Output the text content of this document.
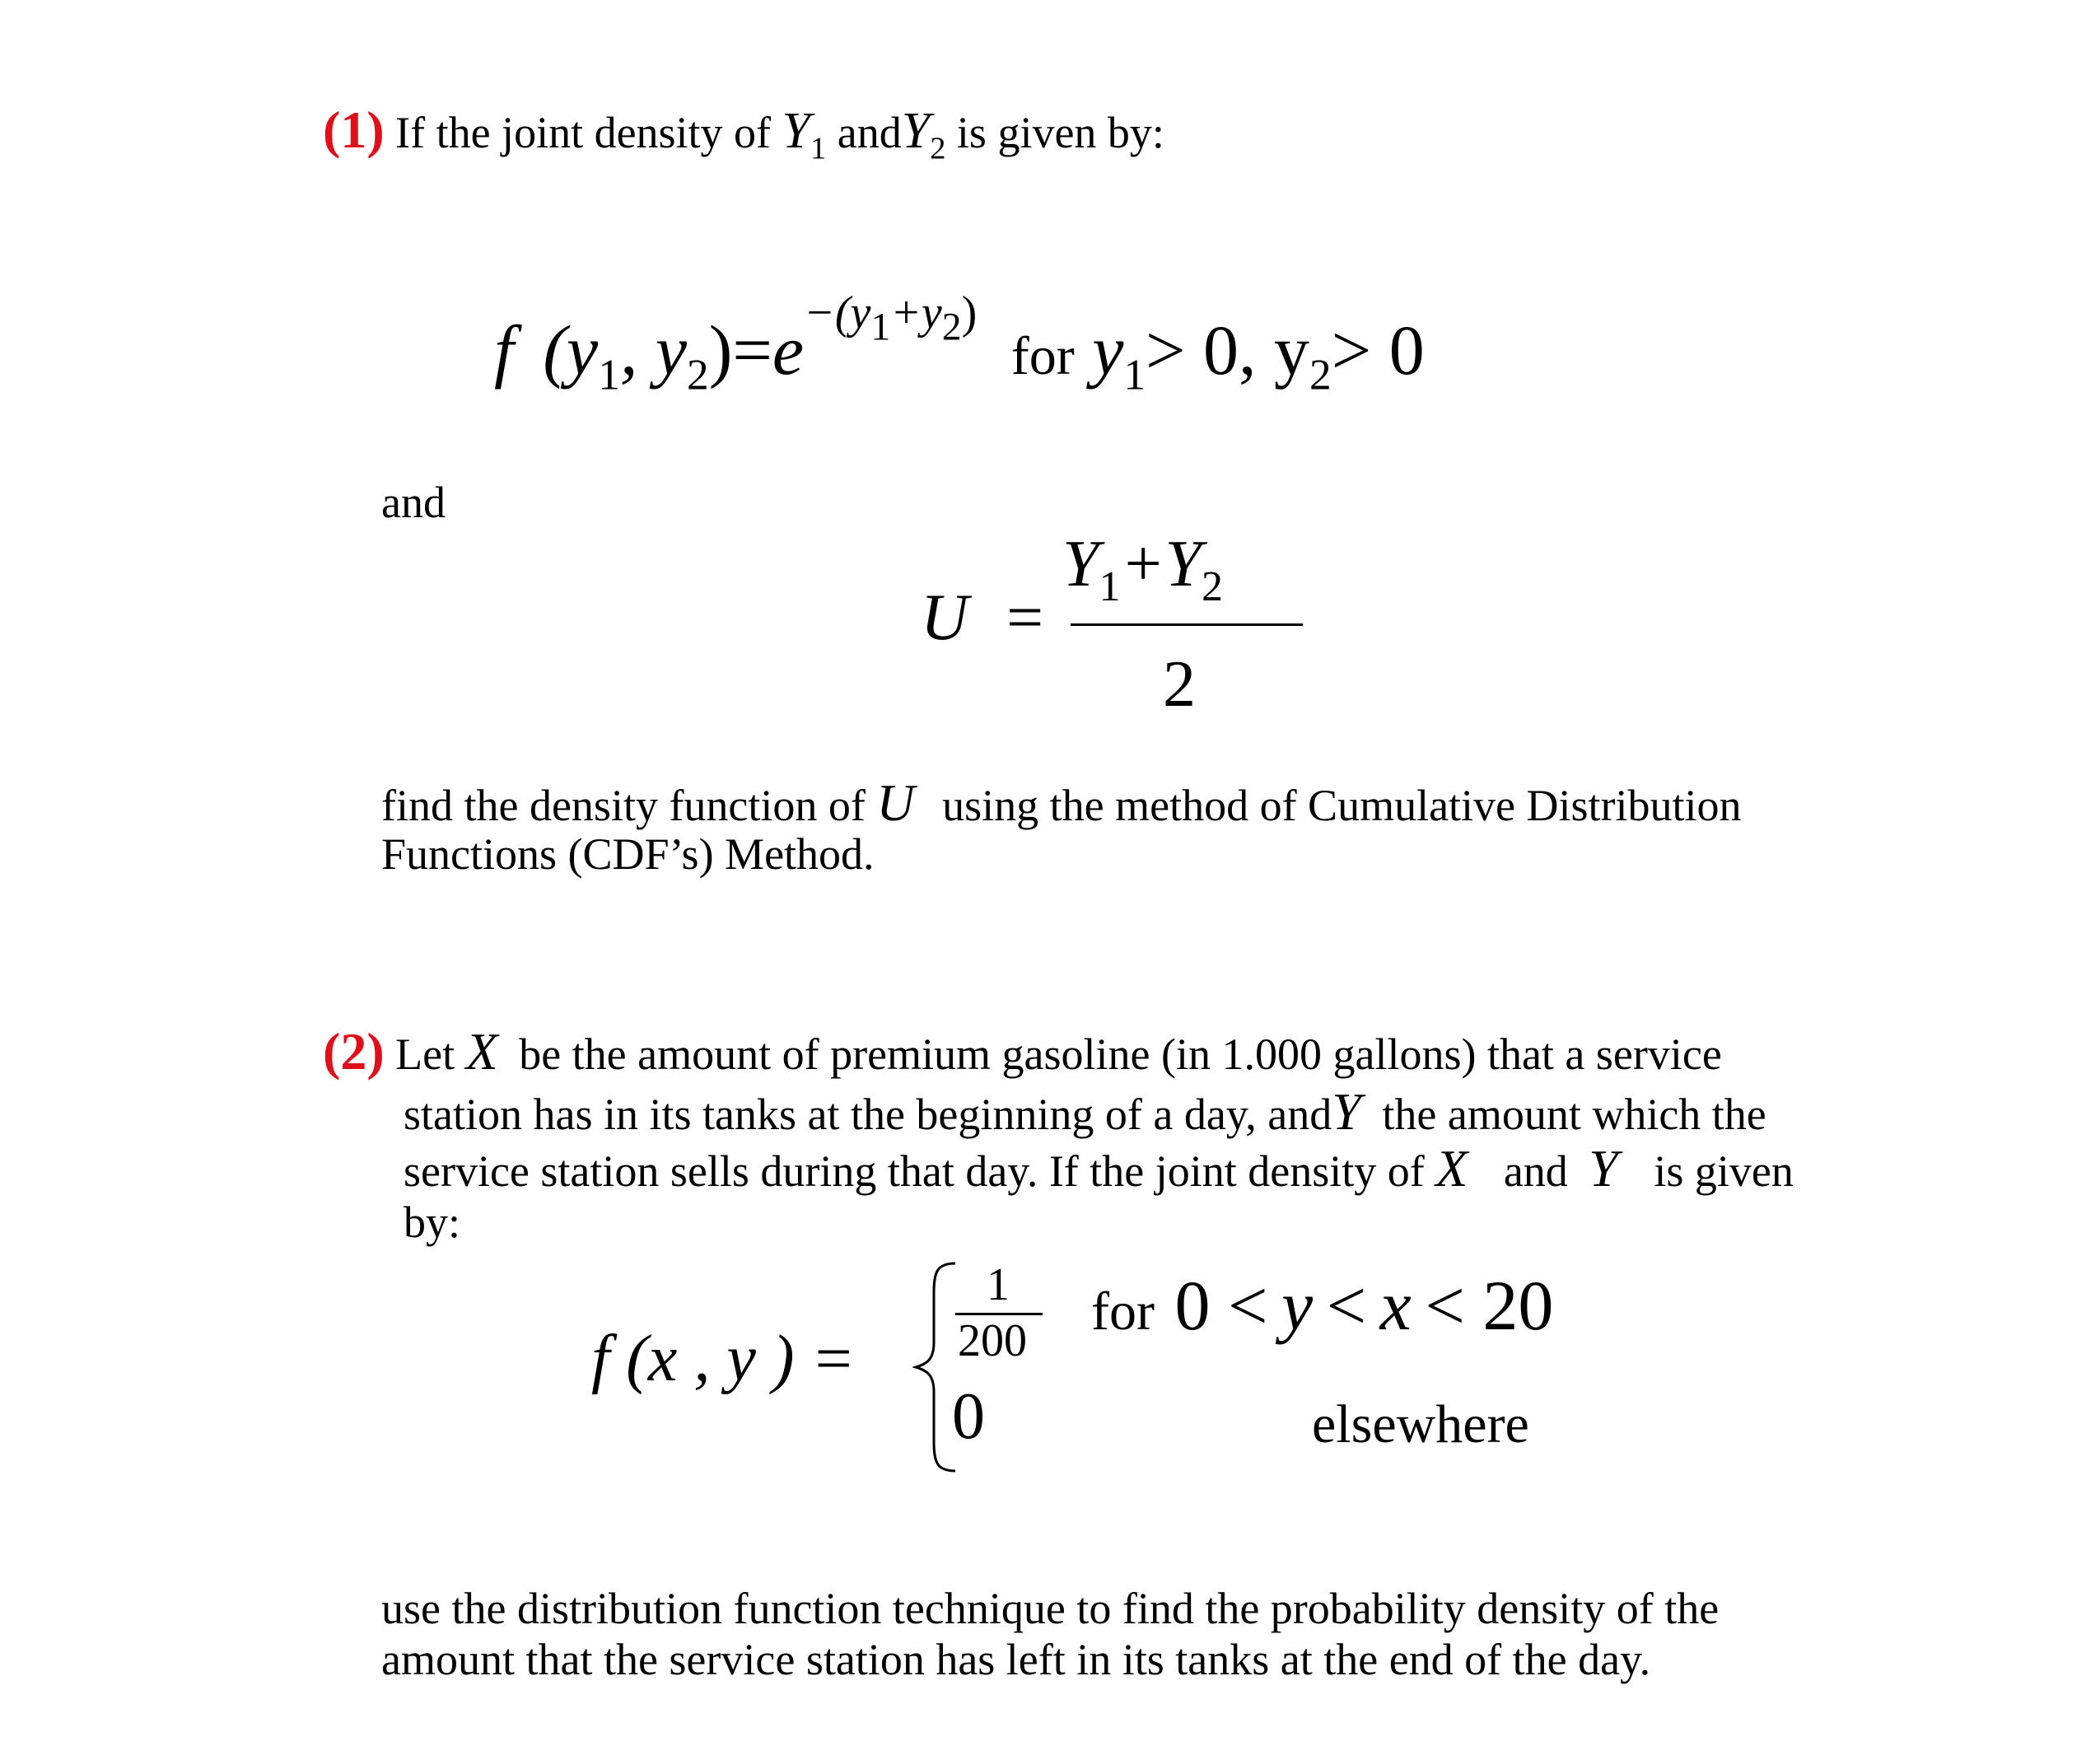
(1) If the joint density of $Y_1$ andY$_2$ is given by:
f ($y_1$, $y_2)=e^{-(y_1+y_2)}$ for $y_1> 0$, $y_2> 0$
and
U =
$Y_1+Y_2$
2
find the density function of U using the method of Cumulative Distribution
Functions (CDF’s) Method.
(2) Let X be the amount of premium gasoline (in 1.000 gallons) that a service
station has in its tanks at the beginning of a day, andY the amount which the
service station sells during that day. If the joint density of X and Y is given
by:
f (x , y ) =
1
200 for 0 < y < x < 20
0	elsewhere
use the distribution function technique to find the probability density of the
amount that the service station has left in its tanks at the end of the day.
